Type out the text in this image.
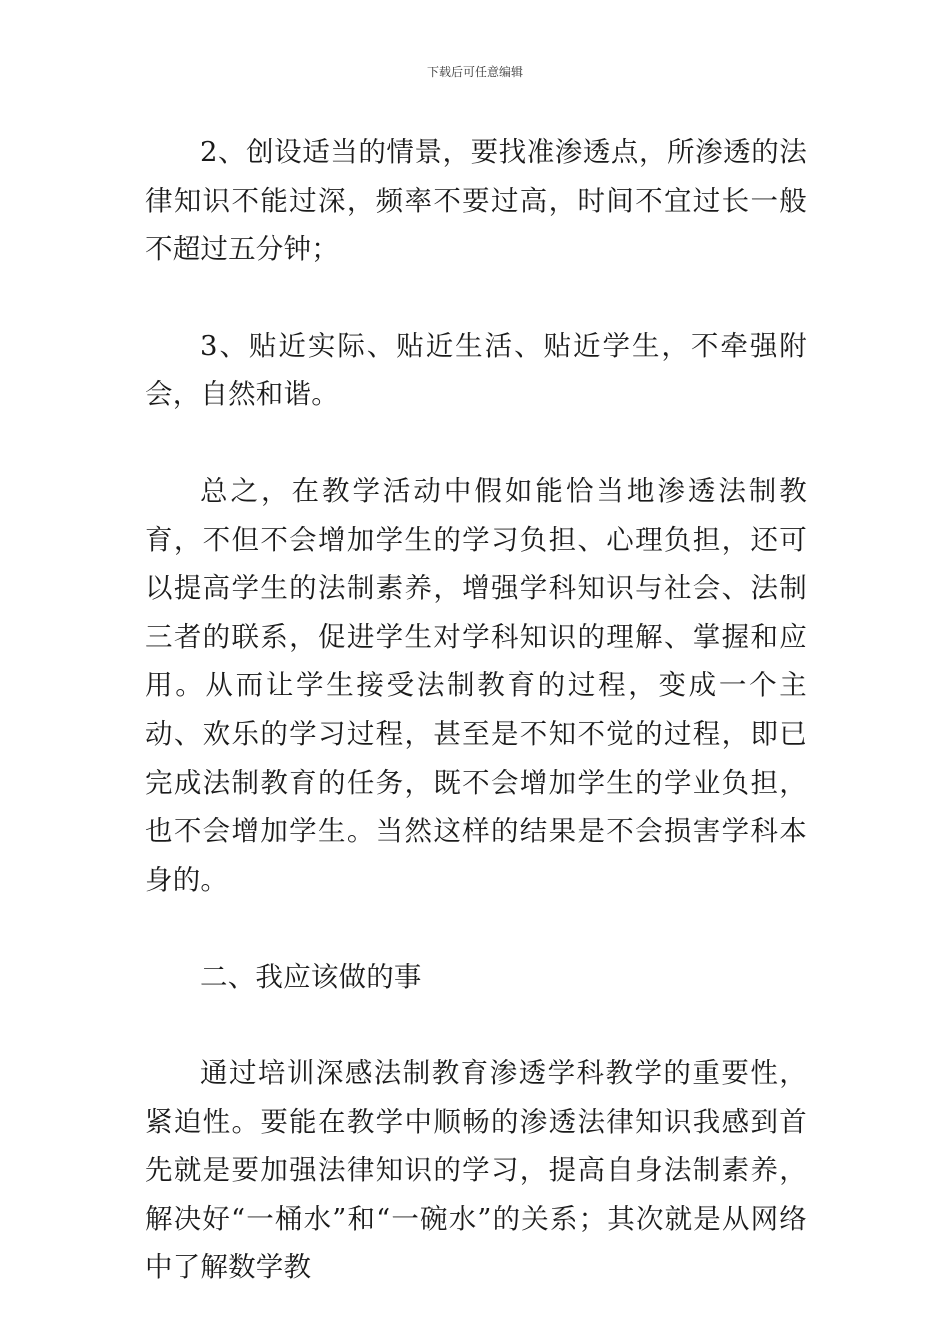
下载后可任意编辑

2、创设适当的情景，要找准渗透点，所渗透的法律知识不能过深，频率不要过高，时间不宜过长一般不超过五分钟；

3、贴近实际、贴近生活、贴近学生，不牵强附会，自然和谐。

总之，在教学活动中假如能恰当地渗透法制教育，不但不会增加学生的学习负担、心理负担，还可以提高学生的法制素养，增强学科知识与社会、法制三者的联系，促进学生对学科知识的理解、掌握和应用。从而让学生接受法制教育的过程，变成一个主动、欢乐的学习过程，甚至是不知不觉的过程，即已完成法制教育的任务，既不会增加学生的学业负担，也不会增加学生。当然这样的结果是不会损害学科本身的。

二、我应该做的事

通过培训深感法制教育渗透学科教学的重要性，紧迫性。要能在教学中顺畅的渗透法律知识我感到首先就是要加强法律知识的学习，提高自身法制素养，解决好“一桶水”和“一碗水”的关系；其次就是从网络中了解数学教
